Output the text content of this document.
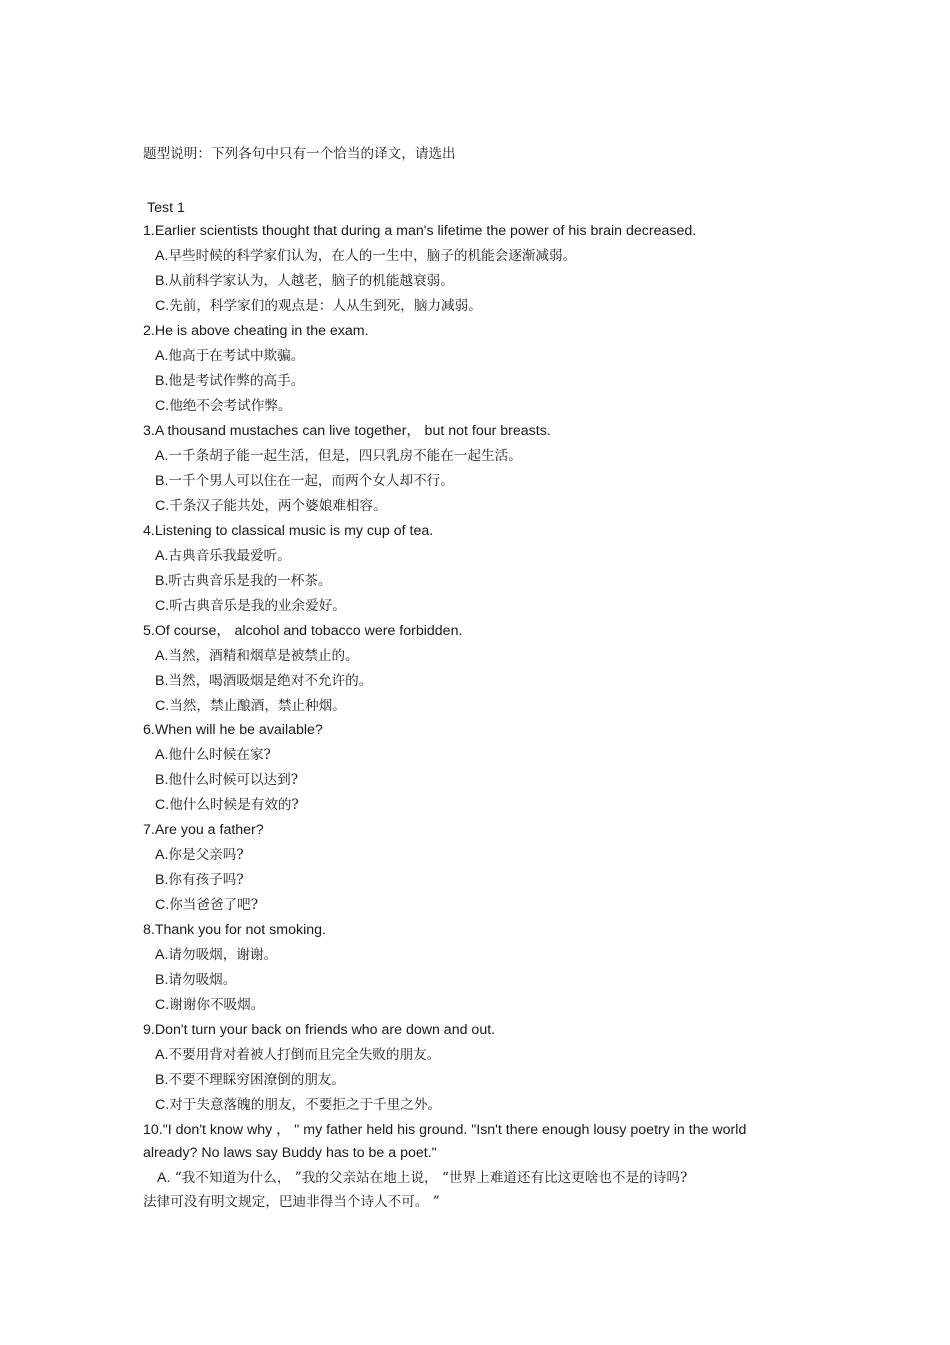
题型说明：下列各句中只有一个恰当的译文，请选出
Test 1
1.Earlier scientists thought that during a man's lifetime the power of his brain decreased.
A.早些时候的科学家们认为，在人的一生中，脑子的机能会逐渐减弱。
B.从前科学家认为，人越老，脑子的机能越衰弱。
C.先前，科学家们的观点是：人从生到死，脑力减弱。
2.He is above cheating in the exam.
A.他高于在考试中欺骗。
B.他是考试作弊的高手。
C.他绝不会考试作弊。
3.A thousand mustaches can live together， but not four breasts.
A.一千条胡子能一起生活，但是，四只乳房不能在一起生活。
B.一千个男人可以住在一起，而两个女人却不行。
C.千条汉子能共处，两个婆娘难相容。
4.Listening to classical music is my cup of tea.
A.古典音乐我最爱听。
B.听古典音乐是我的一杯茶。
C.听古典音乐是我的业余爱好。
5.Of course， alcohol and tobacco were forbidden.
A.当然，酒精和烟草是被禁止的。
B.当然，喝酒吸烟是绝对不允许的。
C.当然，禁止酿酒，禁止种烟。
6.When will he be available?
A.他什么时候在家?
B.他什么时候可以达到?
C.他什么时候是有效的?
7.Are you a father?
A.你是父亲吗?
B.你有孩子吗?
C.你当爸爸了吧?
8.Thank you for not smoking.
A.请勿吸烟，谢谢。
B.请勿吸烟。
C.谢谢你不吸烟。
9.Don't turn your back on friends who are down and out.
A.不要用背对着被人打倒而且完全失败的朋友。
B.不要不理睬穷困潦倒的朋友。
C.对于失意落魄的朋友，不要拒之于千里之外。
10."I don't know why ， " my father held his ground. "Isn't there enough lousy poetry in the world already? No laws say Buddy has to be a poet."
A. “我不知道为什么， ”我的父亲站在地上说， “世界上难道还有比这更啥也不是的诗吗?
法律可没有明文规定，巴迪非得当个诗人不可。 ”
